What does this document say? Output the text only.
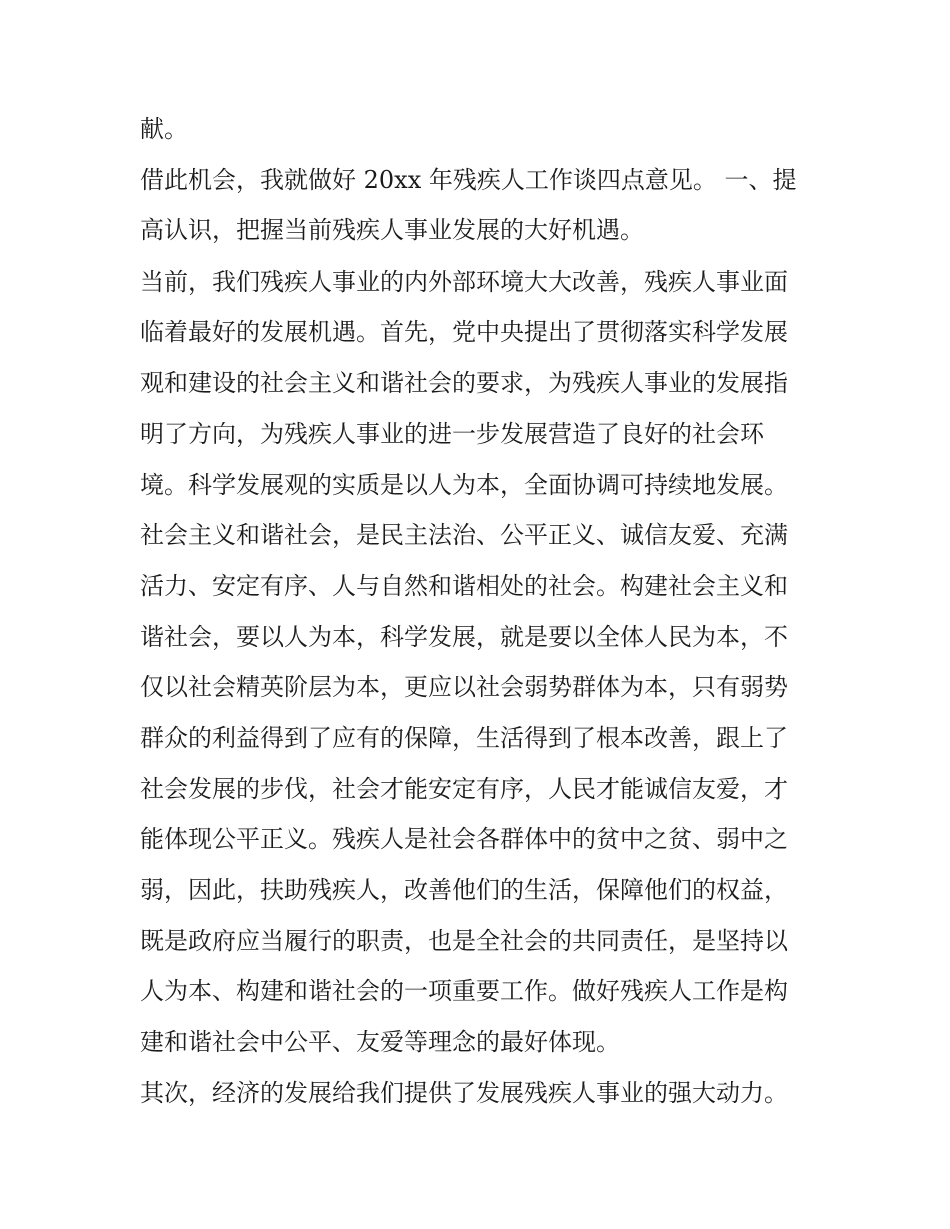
献。
借此机会，我就做好 20xx 年残疾人工作谈四点意见。 一、提
高认识，把握当前残疾人事业发展的大好机遇。
当前，我们残疾人事业的内外部环境大大改善，残疾人事业面
临着最好的发展机遇。首先，党中央提出了贯彻落实科学发展
观和建设的社会主义和谐社会的要求，为残疾人事业的发展指
明了方向，为残疾人事业的进一步发展营造了良好的社会环
境。科学发展观的实质是以人为本，全面协调可持续地发展。
社会主义和谐社会，是民主法治、公平正义、诚信友爱、充满
活力、安定有序、人与自然和谐相处的社会。构建社会主义和
谐社会，要以人为本，科学发展，就是要以全体人民为本，不
仅以社会精英阶层为本，更应以社会弱势群体为本，只有弱势
群众的利益得到了应有的保障，生活得到了根本改善，跟上了
社会发展的步伐，社会才能安定有序，人民才能诚信友爱，才
能体现公平正义。残疾人是社会各群体中的贫中之贫、弱中之
弱，因此，扶助残疾人，改善他们的生活，保障他们的权益，
既是政府应当履行的职责，也是全社会的共同责任，是坚持以
人为本、构建和谐社会的一项重要工作。做好残疾人工作是构
建和谐社会中公平、友爱等理念的最好体现。
其次，经济的发展给我们提供了发展残疾人事业的强大动力。
